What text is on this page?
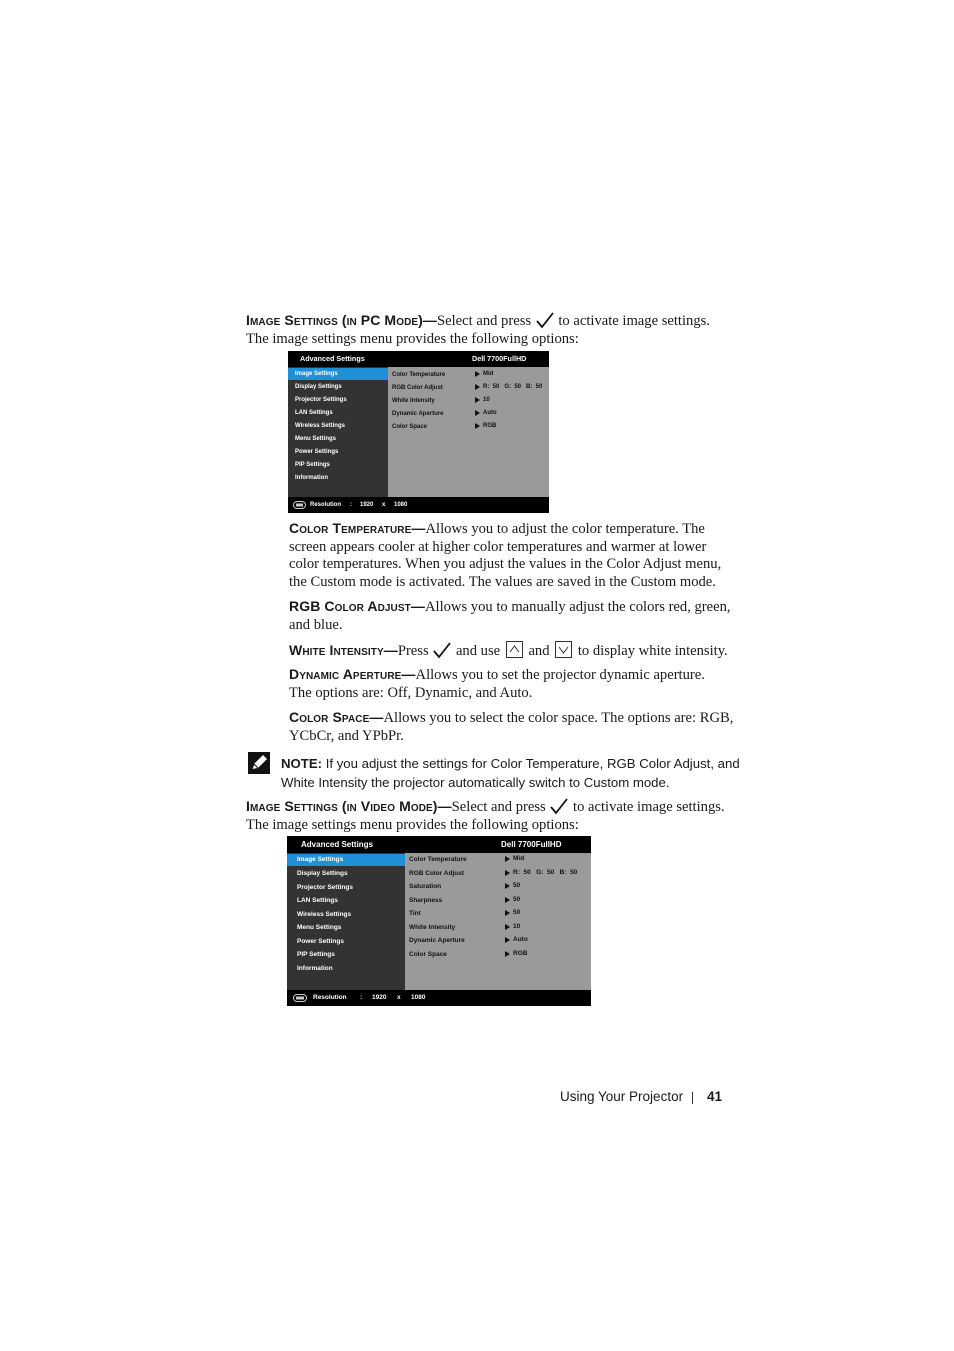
Image Settings (in PC Mode)—Select and press to activate image settings.
The image settings menu provides the following options:

Advanced Settings	Dell 7700FullHD
Image Settings
Display Settings
Projector Settings
LAN Settings
Wireless Settings
Menu Settings
Power Settings
PIP Settings
Information
Color Temperature	Mid
RGB Color Adjust	R:  50   G:  50   B:  50
White Intensity	10
Dynamic Aperture	Auto
Color Space	RGB
Resolution : 1920 x 1080

Color Temperature—Allows you to adjust the color temperature. The
screen appears cooler at higher color temperatures and warmer at lower
color temperatures. When you adjust the values in the Color Adjust menu,
the Custom mode is activated. The values are saved in the Custom mode.

RGB Color Adjust—Allows you to manually adjust the colors red, green,
and blue.

White Intensity—Press and use and to display white intensity.

Dynamic Aperture—Allows you to set the projector dynamic aperture.
The options are: Off, Dynamic, and Auto.

Color Space—Allows you to select the color space. The options are: RGB,
YCbCr, and YPbPr.

NOTE: If you adjust the settings for Color Temperature, RGB Color Adjust, and
White Intensity the projector automatically switch to Custom mode.

Image Settings (in Video Mode)—Select and press to activate image settings.
The image settings menu provides the following options:

Advanced Settings	Dell 7700FullHD
Image Settings
Display Settings
Projector Settings
LAN Settings
Wireless Settings
Menu Settings
Power Settings
PIP Settings
Information
Color Temperature	Mid
RGB Color Adjust	R:  50   G:  50   B:  50
Saturation	50
Sharpness	50
Tint	50
White Intensity	10
Dynamic Aperture	Auto
Color Space	RGB
Resolution : 1920 x 1080
Using Your Projector 41
